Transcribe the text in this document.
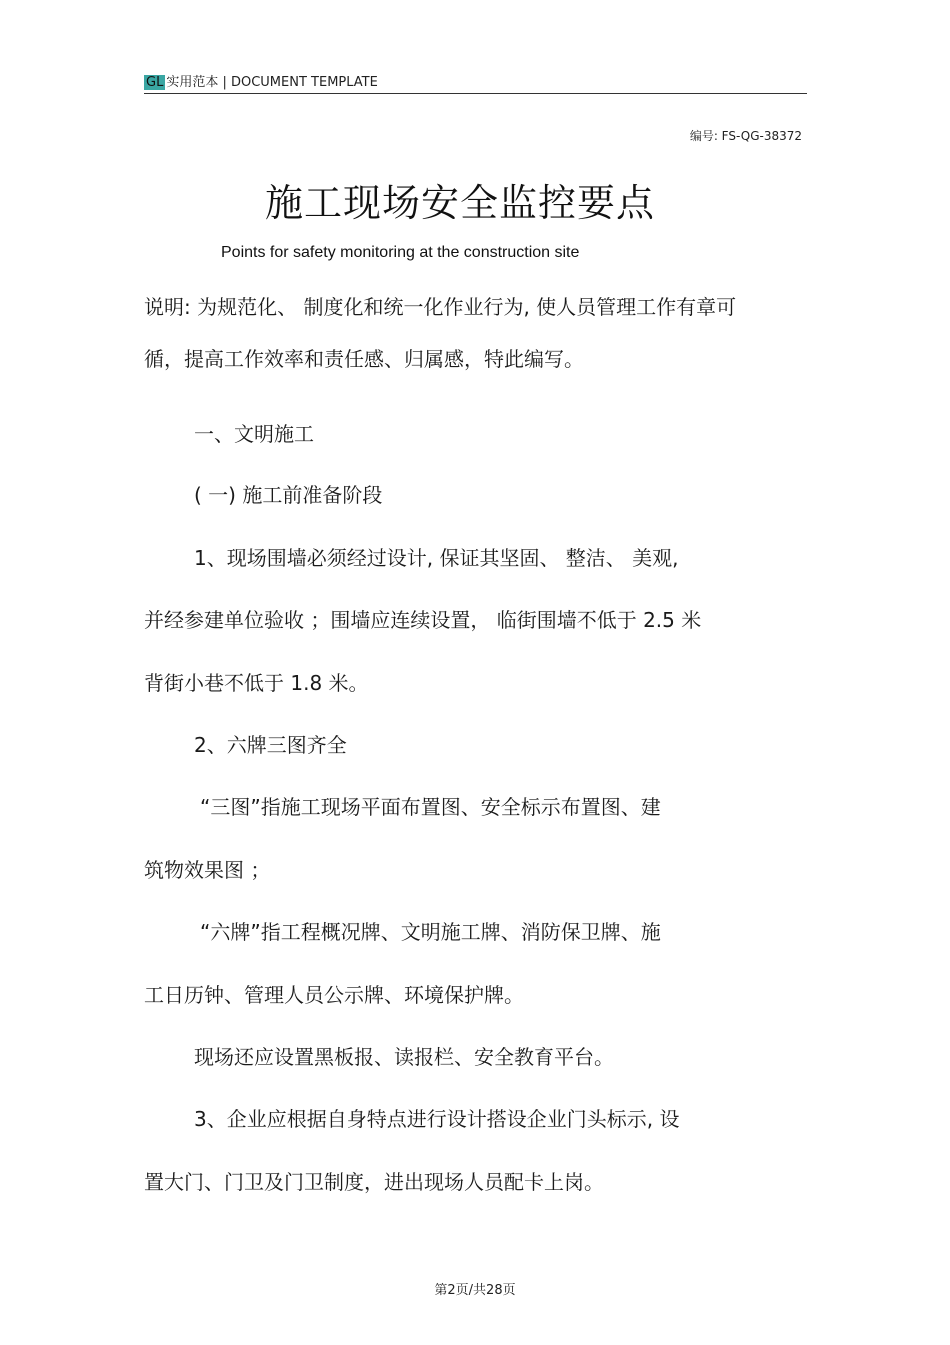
GL 实用范本 | DOCUMENT TEMPLATE
编号: FS-QG-38372
施工现场安全监控要点
Points for safety monitoring at the construction site
说明: 为规范化、 制度化和统一化作业行为, 使人员管理工作有章可
循，提高工作效率和责任感、归属感，特此编写。
一、文明施工
( 一) 施工前准备阶段
1、现场围墙必须经过设计, 保证其坚固、 整洁、 美观,
并经参建单位验收 ；围墙应连续设置， 临街围墙不低于 2.5 米
背街小巷不低于 1.8 米。
2、六牌三图齐全
“三图”指施工现场平面布置图、安全标示布置图、建
筑物效果图 ；
“六牌”指工程概况牌、文明施工牌、消防保卫牌、施
工日历钟、管理人员公示牌、环境保护牌。
现场还应设置黑板报、读报栏、安全教育平台。
3、企业应根据自身特点进行设计搭设企业门头标示, 设
置大门、门卫及门卫制度，进出现场人员配卡上岗。
第2页/共28页
